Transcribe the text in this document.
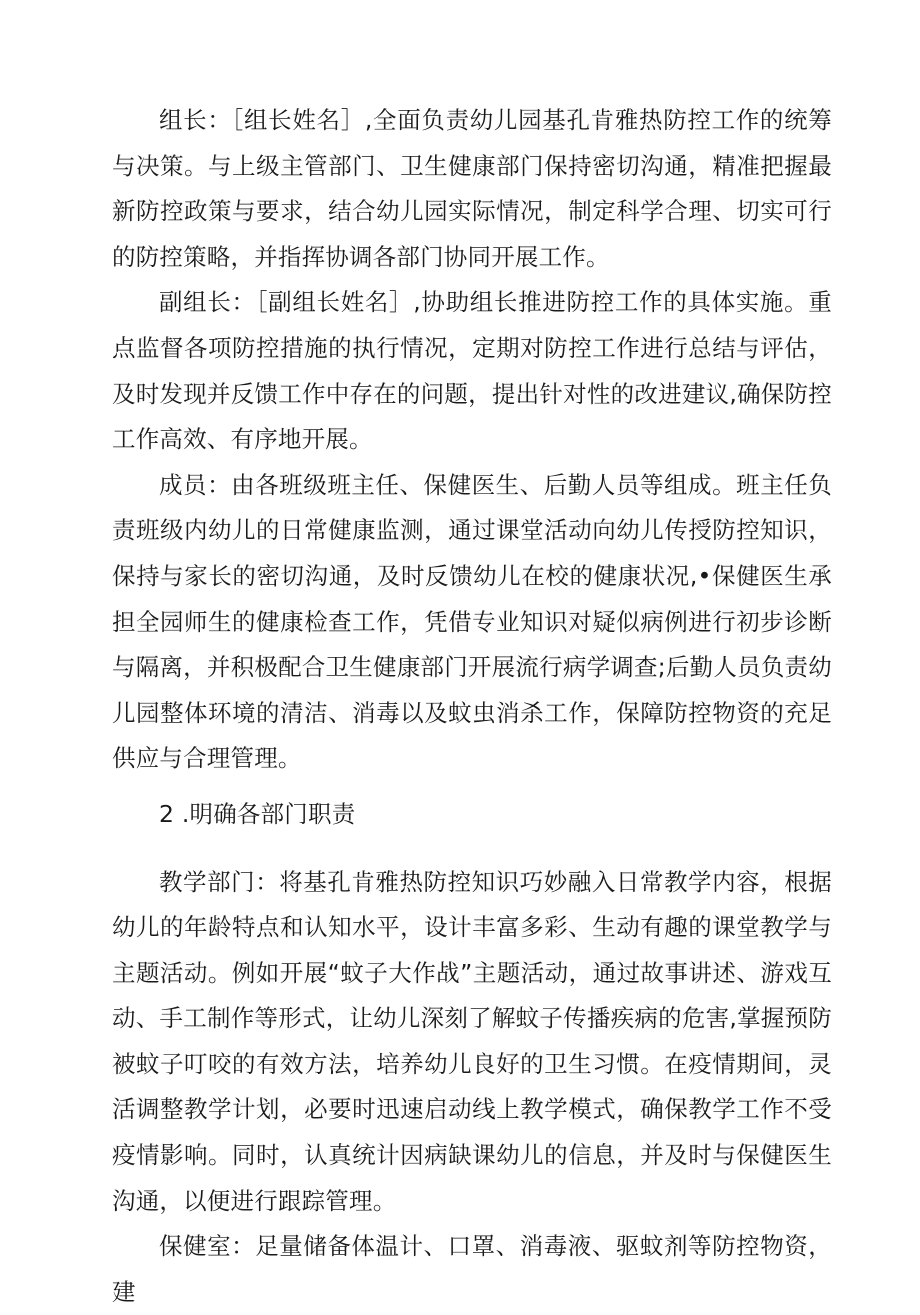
组长：［组长姓名］,全面负责幼儿园基孔肯雅热防控工作的统筹与决策。与上级主管部门、卫生健康部门保持密切沟通，精准把握最新防控政策与要求，结合幼儿园实际情况，制定科学合理、切实可行的防控策略，并指挥协调各部门协同开展工作。

副组长：［副组长姓名］,协助组长推进防控工作的具体实施。重点监督各项防控措施的执行情况，定期对防控工作进行总结与评估，及时发现并反馈工作中存在的问题，提出针对性的改进建议,确保防控工作高效、有序地开展。

成员：由各班级班主任、保健医生、后勤人员等组成。班主任负责班级内幼儿的日常健康监测，通过课堂活动向幼儿传授防控知识，保持与家长的密切沟通，及时反馈幼儿在校的健康状况,•保健医生承担全园师生的健康检查工作，凭借专业知识对疑似病例进行初步诊断与隔离，并积极配合卫生健康部门开展流行病学调查;后勤人员负责幼儿园整体环境的清洁、消毒以及蚊虫消杀工作，保障防控物资的充足供应与合理管理。

2 .明确各部门职责

教学部门：将基孔肯雅热防控知识巧妙融入日常教学内容，根据幼儿的年龄特点和认知水平，设计丰富多彩、生动有趣的课堂教学与主题活动。例如开展“蚊子大作战”主题活动，通过故事讲述、游戏互动、手工制作等形式，让幼儿深刻了解蚊子传播疾病的危害,掌握预防被蚊子叮咬的有效方法，培养幼儿良好的卫生习惯。在疫情期间，灵活调整教学计划，必要时迅速启动线上教学模式，确保教学工作不受疫情影响。同时，认真统计因病缺课幼儿的信息，并及时与保健医生沟通，以便进行跟踪管理。

保健室：足量储备体温计、口罩、消毒液、驱蚊剂等防控物资，建
